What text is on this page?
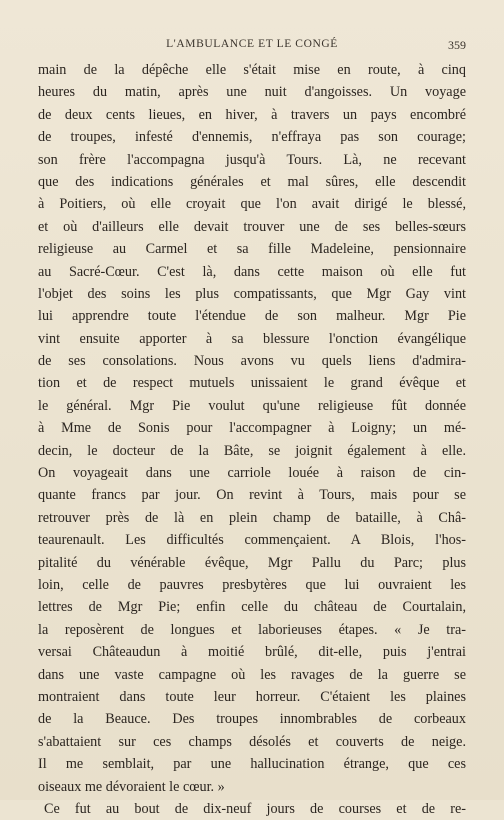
L'AMBULANCE ET LE CONGÉ	359
main de la dépêche elle s'était mise en route, à cinq
heures du matin, après une nuit d'angoisses. Un voyage
de deux cents lieues, en hiver, à travers un pays encombré
de troupes, infesté d'ennemis, n'effraya pas son courage;
son frère l'accompagna jusqu'à Tours. Là, ne recevant
que des indications générales et mal sûres, elle descendit
à Poitiers, où elle croyait que l'on avait dirigé le blessé,
et où d'ailleurs elle devait trouver une de ses belles-sœurs
religieuse au Carmel et sa fille Madeleine, pensionnaire
au Sacré-Cœur. C'est là, dans cette maison où elle fut
l'objet des soins les plus compatissants, que Mgr Gay vint
lui apprendre toute l'étendue de son malheur. Mgr Pie
vint ensuite apporter à sa blessure l'onction évangélique
de ses consolations. Nous avons vu quels liens d'admira-
tion et de respect mutuels unissaient le grand évêque et
le général. Mgr Pie voulut qu'une religieuse fût donnée
à Mme de Sonis pour l'accompagner à Loigny; un mé-
decin, le docteur de la Bâte, se joignit également à elle.
On voyageait dans une carriole louée à raison de cin-
quante francs par jour. On revint à Tours, mais pour se
retrouver près de là en plein champ de bataille, à Châ-
teaurenault. Les difficultés commençaient. A Blois, l'hos-
pitalité du vénérable évêque, Mgr Pallu du Parc; plus
loin, celle de pauvres presbytères que lui ouvraient les
lettres de Mgr Pie; enfin celle du château de Courtalain,
la reposèrent de longues et laborieuses étapes. « Je tra-
versai Châteaudun à moitié brûlé, dit-elle, puis j'entrai
dans une vaste campagne où les ravages de la guerre se
montraient dans toute leur horreur. C'étaient les plaines
de la Beauce. Des troupes innombrables de corbeaux
s'abattaient sur ces champs désolés et couverts de neige.
Il me semblait, par une hallucination étrange, que ces
oiseaux me dévoraient le cœur. »
Ce fut au bout de dix-neuf jours de courses et de re-
